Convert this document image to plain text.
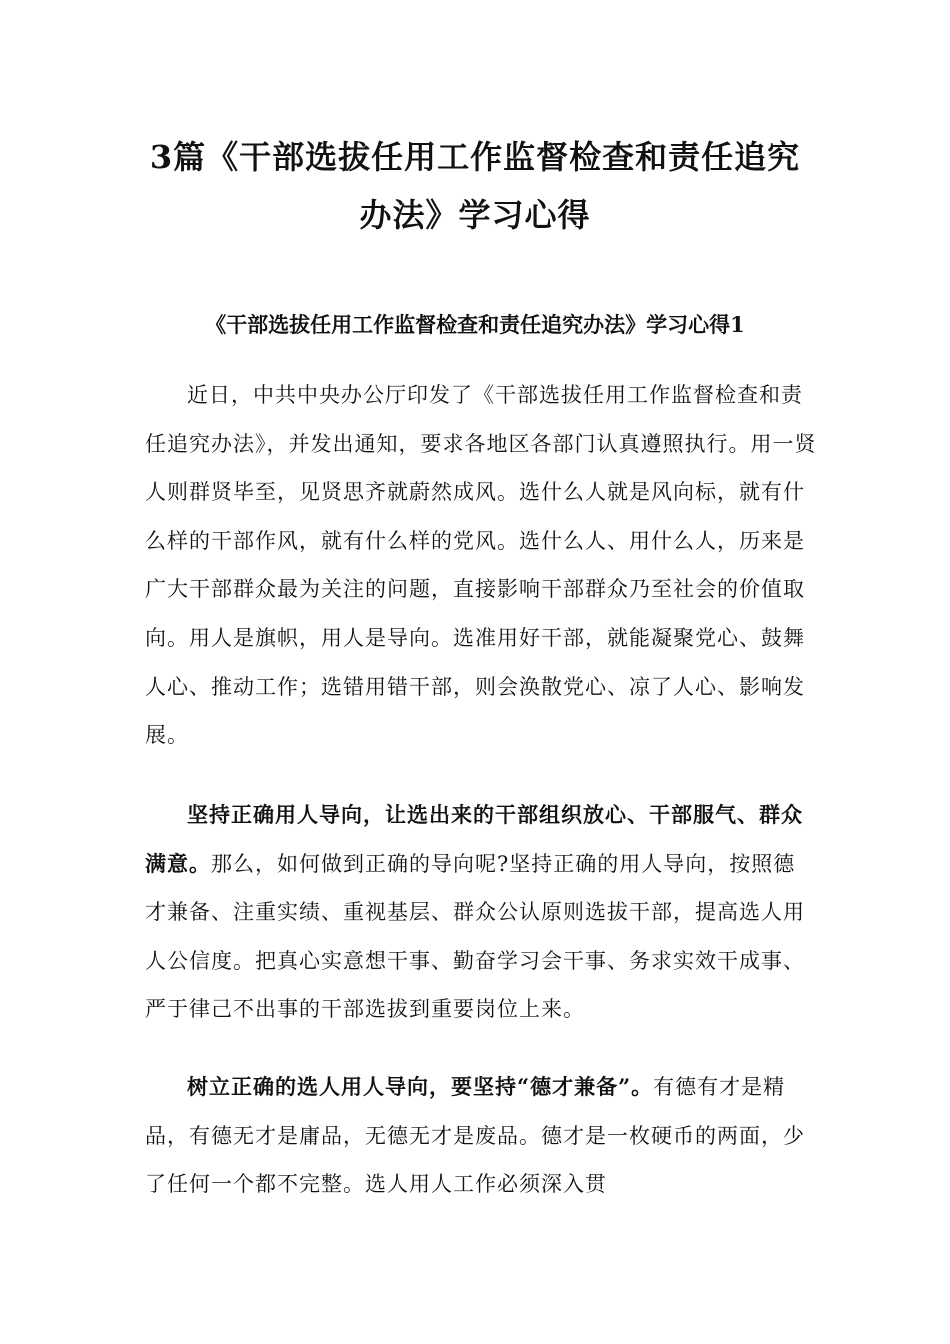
3篇《干部选拔任用工作监督检查和责任追究办法》学习心得
《干部选拔任用工作监督检查和责任追究办法》学习心得1

近日，中共中央办公厅印发了《干部选拔任用工作监督检查和责任追究办法》，并发出通知，要求各地区各部门认真遵照执行。用一贤人则群贤毕至，见贤思齐就蔚然成风。选什么人就是风向标，就有什么样的干部作风，就有什么样的党风。选什么人、用什么人，历来是广大干部群众最为关注的问题，直接影响干部群众乃至社会的价值取向。用人是旗帜，用人是导向。选准用好干部，就能凝聚党心、鼓舞人心、推动工作；选错用错干部，则会涣散党心、凉了人心、影响发展。

坚持正确用人导向，让选出来的干部组织放心、干部服气、群众满意。那么，如何做到正确的导向呢?坚持正确的用人导向，按照德才兼备、注重实绩、重视基层、群众公认原则选拔干部，提高选人用人公信度。把真心实意想干事、勤奋学习会干事、务求实效干成事、严于律己不出事的干部选拔到重要岗位上来。

树立正确的选人用人导向，要坚持“德才兼备”。有德有才是精品，有德无才是庸品，无德无才是废品。德才是一枚硬币的两面，少了任何一个都不完整。选人用人工作必须深入贯
